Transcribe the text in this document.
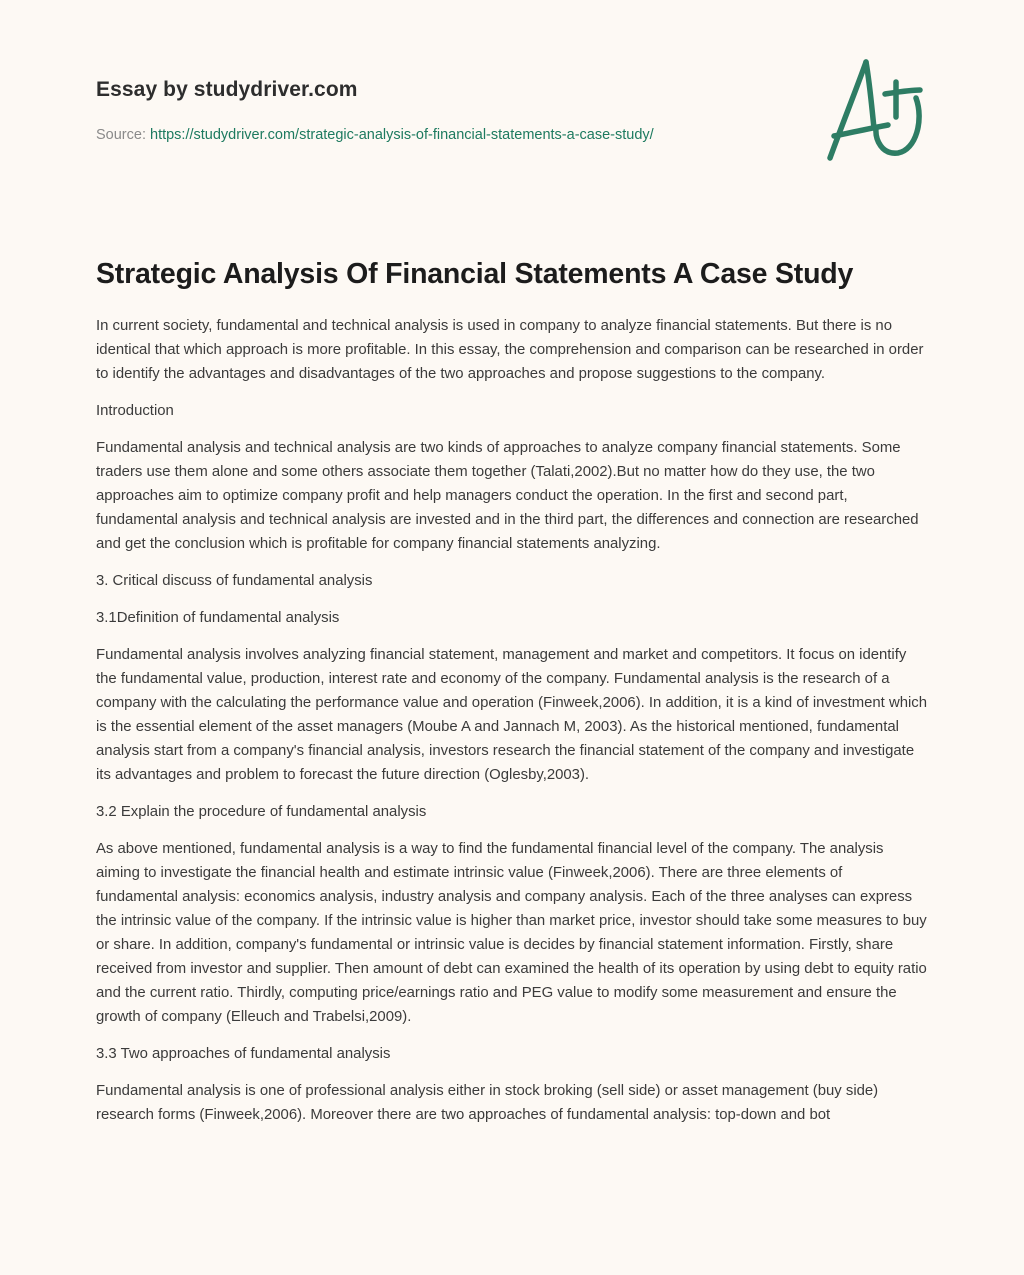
Essay by studydriver.com
Source: https://studydriver.com/strategic-analysis-of-financial-statements-a-case-study/
Strategic Analysis Of Financial Statements A Case Study

In current society, fundamental and technical analysis is used in company to analyze financial statements. But there is no identical that which approach is more profitable. In this essay, the comprehension and comparison can be researched in order to identify the advantages and disadvantages of the two approaches and propose suggestions to the company.

Introduction

Fundamental analysis and technical analysis are two kinds of approaches to analyze company financial statements. Some traders use them alone and some others associate them together (Talati,2002).But no matter how do they use, the two approaches aim to optimize company profit and help managers conduct the operation. In the first and second part, fundamental analysis and technical analysis are invested and in the third part, the differences and connection are researched and get the conclusion which is profitable for company financial statements analyzing.

3. Critical discuss of fundamental analysis

3.1Definition of fundamental analysis

Fundamental analysis involves analyzing financial statement, management and market and competitors. It focus on identify the fundamental value, production, interest rate and economy of the company. Fundamental analysis is the research of a company with the calculating the performance value and operation (Finweek,2006). In addition, it is a kind of investment which is the essential element of the asset managers (Moube A and Jannach M, 2003). As the historical mentioned, fundamental analysis start from a company's financial analysis, investors research the financial statement of the company and investigate its advantages and problem to forecast the future direction (Oglesby,2003).

3.2 Explain the procedure of fundamental analysis

As above mentioned, fundamental analysis is a way to find the fundamental financial level of the company. The analysis aiming to investigate the financial health and estimate intrinsic value (Finweek,2006). There are three elements of fundamental analysis: economics analysis, industry analysis and company analysis. Each of the three analyses can express the intrinsic value of the company. If the intrinsic value is higher than market price, investor should take some measures to buy or share. In addition, company's fundamental or intrinsic value is decides by financial statement information. Firstly, share received from investor and supplier. Then amount of debt can examined the health of its operation by using debt to equity ratio and the current ratio. Thirdly, computing price/earnings ratio and PEG value to modify some measurement and ensure the growth of company (Elleuch and Trabelsi,2009).

3.3 Two approaches of fundamental analysis

Fundamental analysis is one of professional analysis either in stock broking (sell side) or asset management (buy side) research forms (Finweek,2006). Moreover there are two approaches of fundamental analysis: top-down and bot
